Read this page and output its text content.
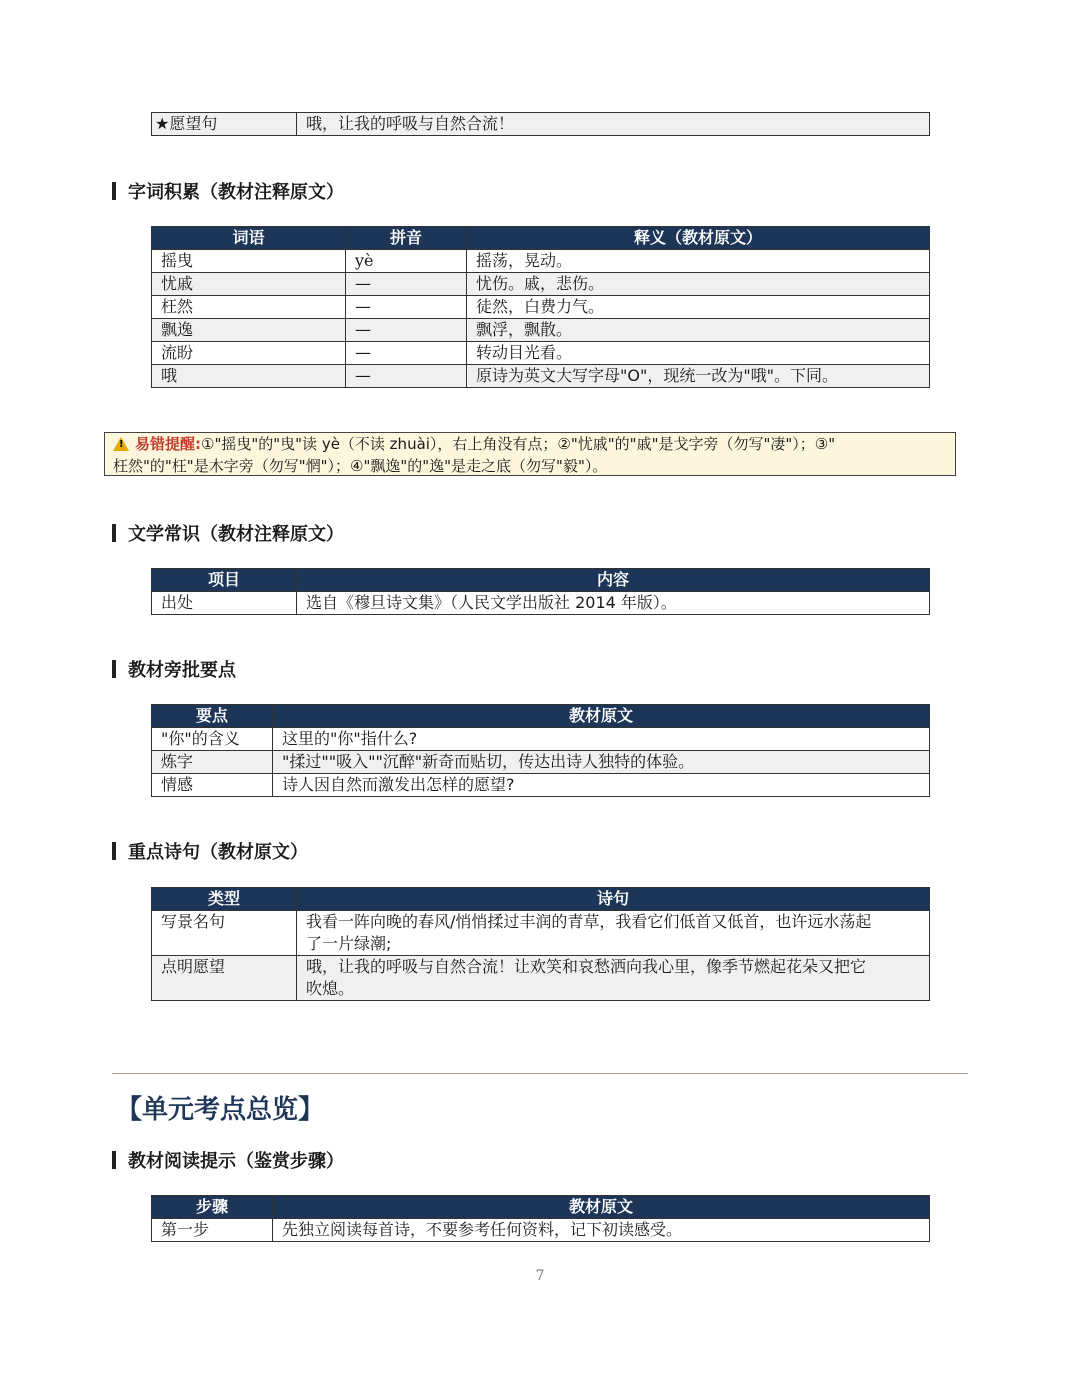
★愿望句	哦，让我的呼吸与自然合流！
字词积累（教材注释原文）
词语	拼音	释义（教材原文）
摇曳	yè	摇荡，晃动。
忧戚	—	忧伤。戚，悲伤。
枉然	—	徒然，白费力气。
飘逸	—	飘浮，飘散。
流盼	—	转动目光看。
哦	—	原诗为英文大写字母"O"，现统一改为"哦"。下同。
! 易错提醒:①"摇曳"的"曳"读 yè（不读 zhuài），右上角没有点；②"忧戚"的"戚"是戈字旁（勿写"凄"）；③"
枉然"的"枉"是木字旁（勿写"惘"）；④"飘逸"的"逸"是走之底（勿写"毅"）。
文学常识（教材注释原文）
项目	内容
出处	选自《穆旦诗文集》（人民文学出版社 2014 年版）。
教材旁批要点
要点	教材原文
"你"的含义	这里的"你"指什么?
炼字	"揉过""吸入""沉醉"新奇而贴切，传达出诗人独特的体验。
情感	诗人因自然而激发出怎样的愿望?
重点诗句（教材原文）
类型	诗句
写景名句	我看一阵向晚的春风/悄悄揉过丰润的青草，我看它们低首又低首，也许远水荡起
了一片绿潮;

点明愿望	哦，让我的呼吸与自然合流！让欢笑和哀愁洒向我心里，像季节燃起花朵又把它
吹熄。
【单元考点总览】
教材阅读提示（鉴赏步骤）
步骤	教材原文
第一步	先独立阅读每首诗，不要参考任何资料，记下初读感受。
7
